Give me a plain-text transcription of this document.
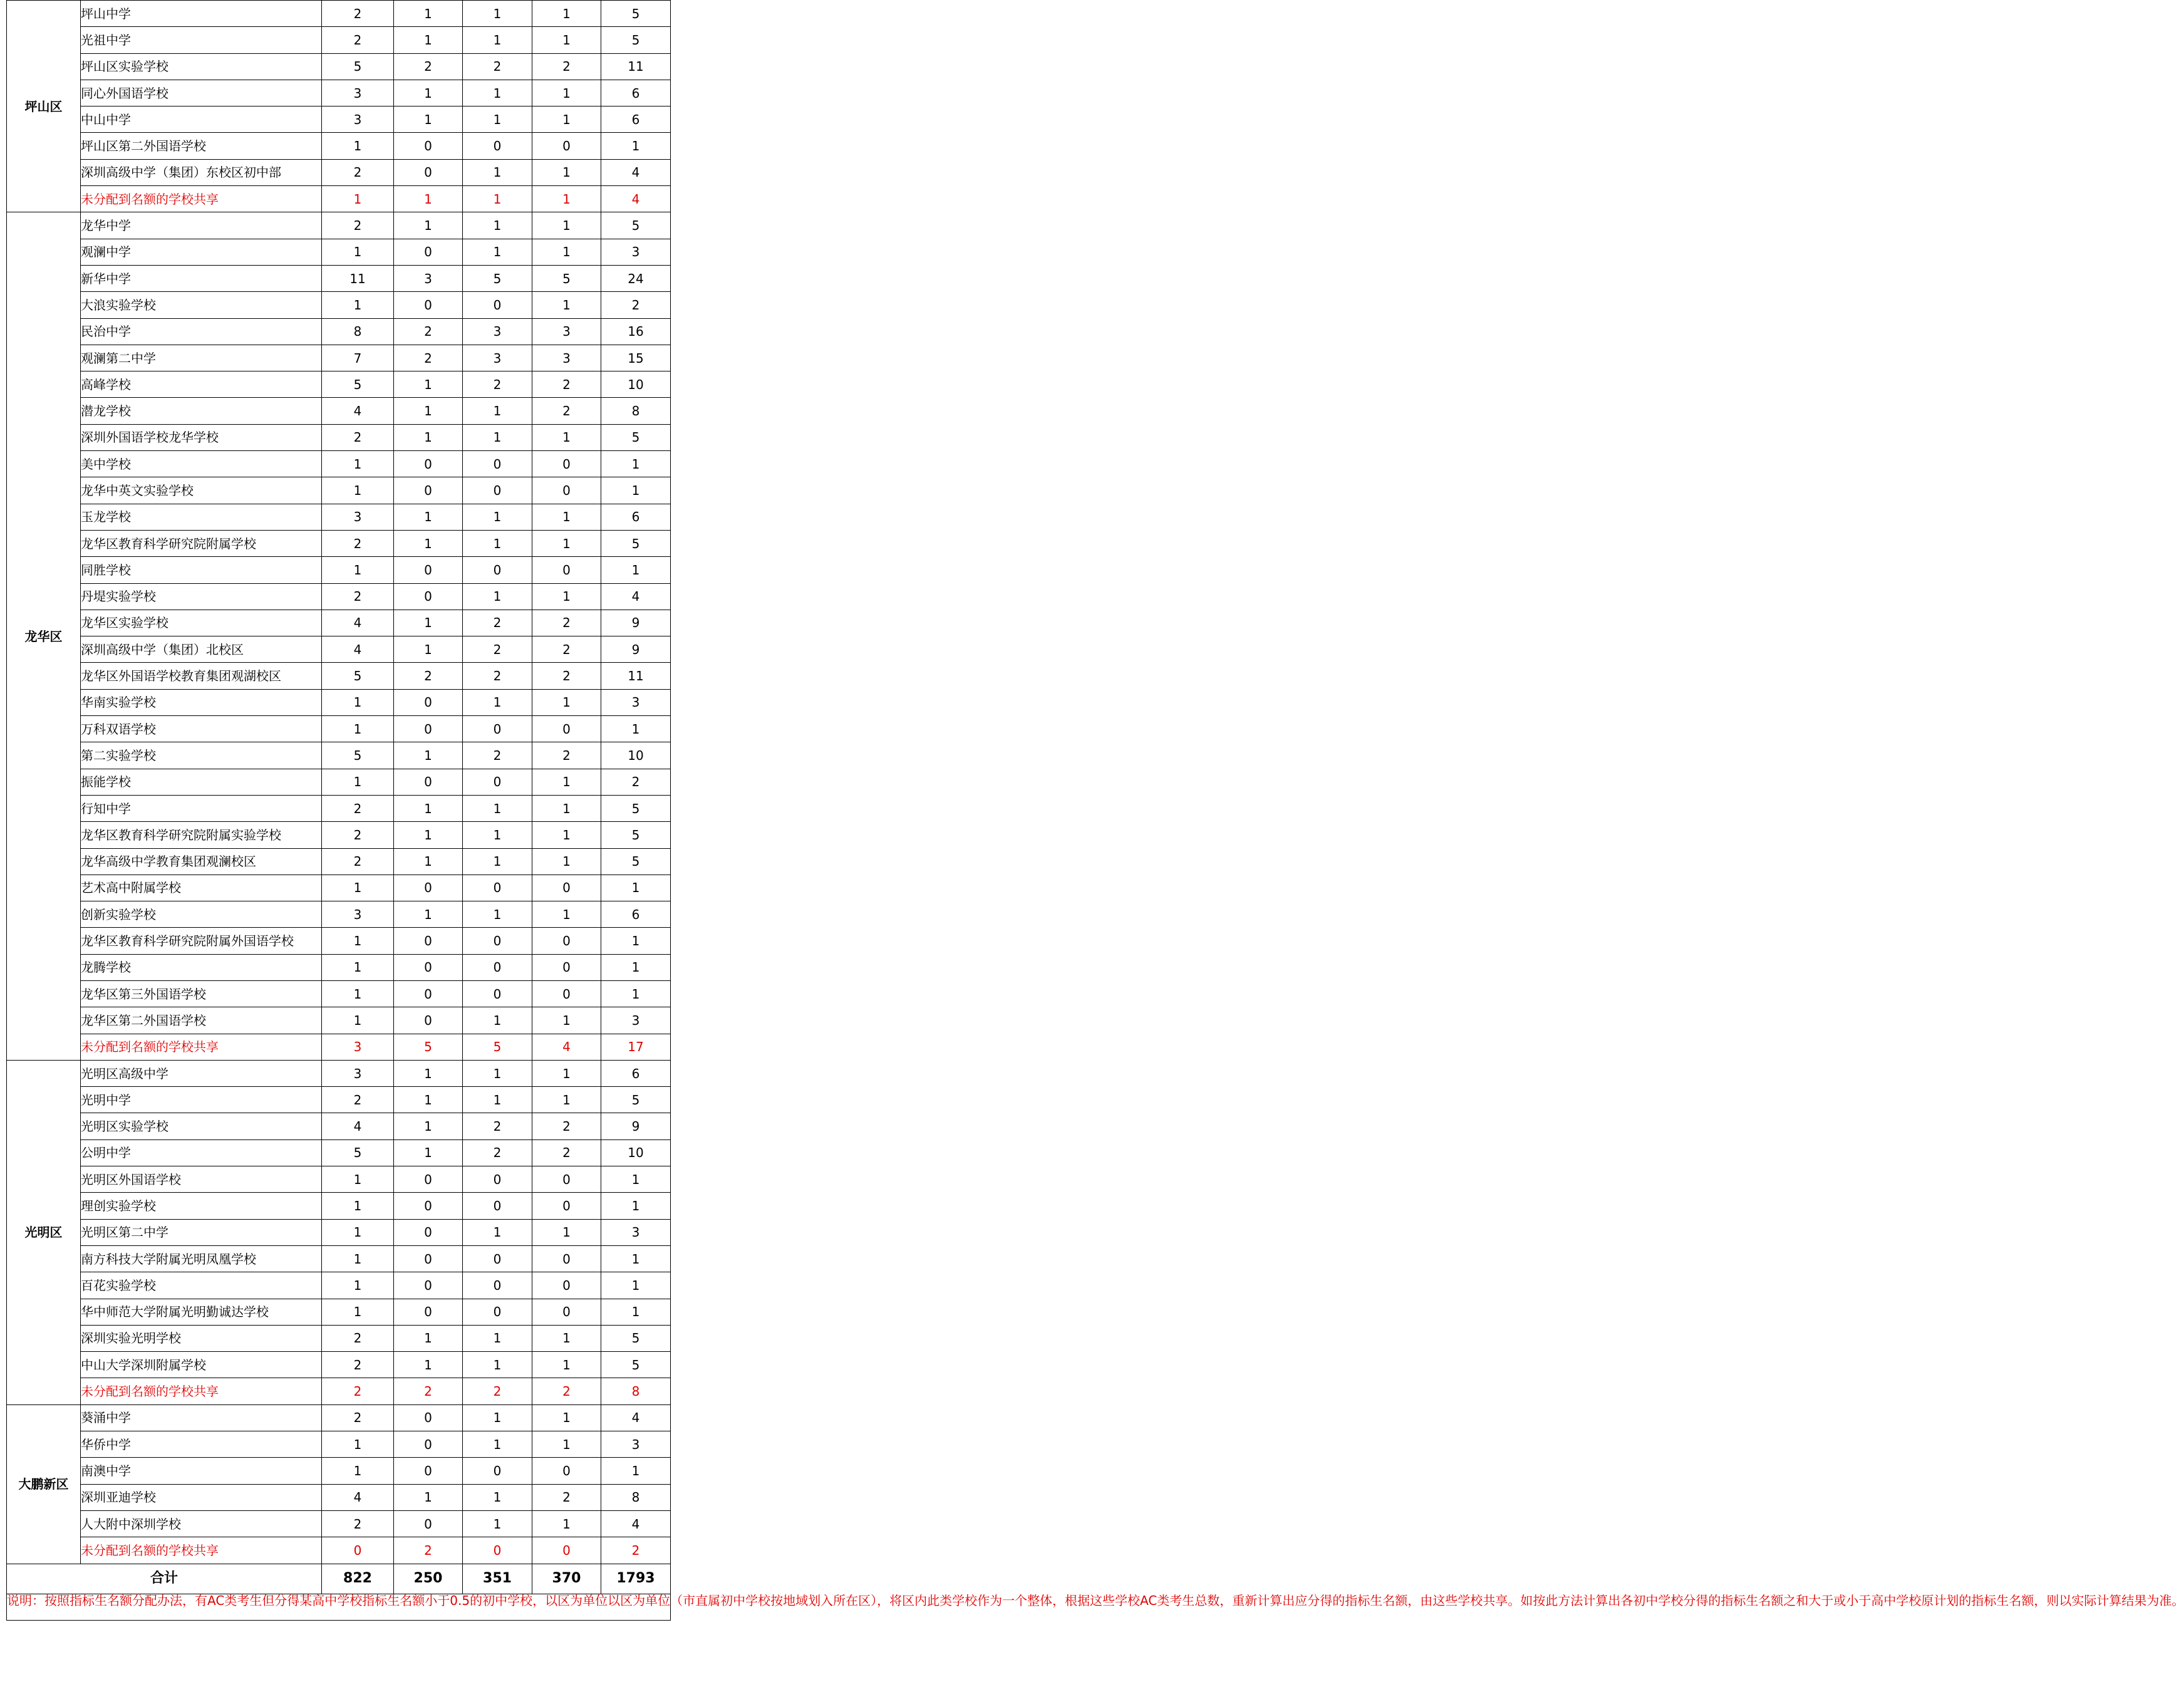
坪山区	坪山中学	2	1	1	1	5
	光祖中学	2	1	1	1	5
	坪山区实验学校	5	2	2	2	11
	同心外国语学校	3	1	1	1	6
	中山中学	3	1	1	1	6
	坪山区第二外国语学校	1	0	0	0	1
	深圳高级中学（集团）东校区初中部	2	0	1	1	4
	未分配到名额的学校共享	1	1	1	1	4
龙华区	龙华中学	2	1	1	1	5
	观澜中学	1	0	1	1	3
	新华中学	11	3	5	5	24
	大浪实验学校	1	0	0	1	2
	民治中学	8	2	3	3	16
	观澜第二中学	7	2	3	3	15
	高峰学校	5	1	2	2	10
	潜龙学校	4	1	1	2	8
	深圳外国语学校龙华学校	2	1	1	1	5
	美中学校	1	0	0	0	1
	龙华中英文实验学校	1	0	0	0	1
	玉龙学校	3	1	1	1	6
	龙华区教育科学研究院附属学校	2	1	1	1	5
	同胜学校	1	0	0	0	1
	丹堤实验学校	2	0	1	1	4
	龙华区实验学校	4	1	2	2	9
	深圳高级中学（集团）北校区	4	1	2	2	9
	龙华区外国语学校教育集团观湖校区	5	2	2	2	11
	华南实验学校	1	0	1	1	3
	万科双语学校	1	0	0	0	1
	第二实验学校	5	1	2	2	10
	振能学校	1	0	0	1	2
	行知中学	2	1	1	1	5
	龙华区教育科学研究院附属实验学校	2	1	1	1	5
	龙华高级中学教育集团观澜校区	2	1	1	1	5
	艺术高中附属学校	1	0	0	0	1
	创新实验学校	3	1	1	1	6
	龙华区教育科学研究院附属外国语学校	1	0	0	0	1
	龙腾学校	1	0	0	0	1
	龙华区第三外国语学校	1	0	0	0	1
	龙华区第二外国语学校	1	0	1	1	3
	未分配到名额的学校共享	3	5	5	4	17
光明区	光明区高级中学	3	1	1	1	6
	光明中学	2	1	1	1	5
	光明区实验学校	4	1	2	2	9
	公明中学	5	1	2	2	10
	光明区外国语学校	1	0	0	0	1
	理创实验学校	1	0	0	0	1
	光明区第二中学	1	0	1	1	3
	南方科技大学附属光明凤凰学校	1	0	0	0	1
	百花实验学校	1	0	0	0	1
	华中师范大学附属光明勤诚达学校	1	0	0	0	1
	深圳实验光明学校	2	1	1	1	5
	中山大学深圳附属学校	2	1	1	1	5
	未分配到名额的学校共享	2	2	2	2	8
大鹏新区	葵涌中学	2	0	1	1	4
	华侨中学	1	0	1	1	3
	南澳中学	1	0	0	0	1
	深圳亚迪学校	4	1	1	2	8
	人大附中深圳学校	2	0	1	1	4
	未分配到名额的学校共享	0	2	0	0	2
合计		822	250	351	370	1793
说明：按照指标生名额分配办法，有AC类考生但分得某高中学校指标生名额小于0.5的初中学校，以区为单位以区为单位（市直属初中学校按地域划入所在区），将区内此类学校作为一个整体，根据这些学校AC类考生总数，重新计算出应分得的指标生名额，由这些学校共享。如按此方法计算出各初中学校分得的指标生名额之和大于或小于高中学校原计划的指标生名额，则以实际计算结果为准。						
